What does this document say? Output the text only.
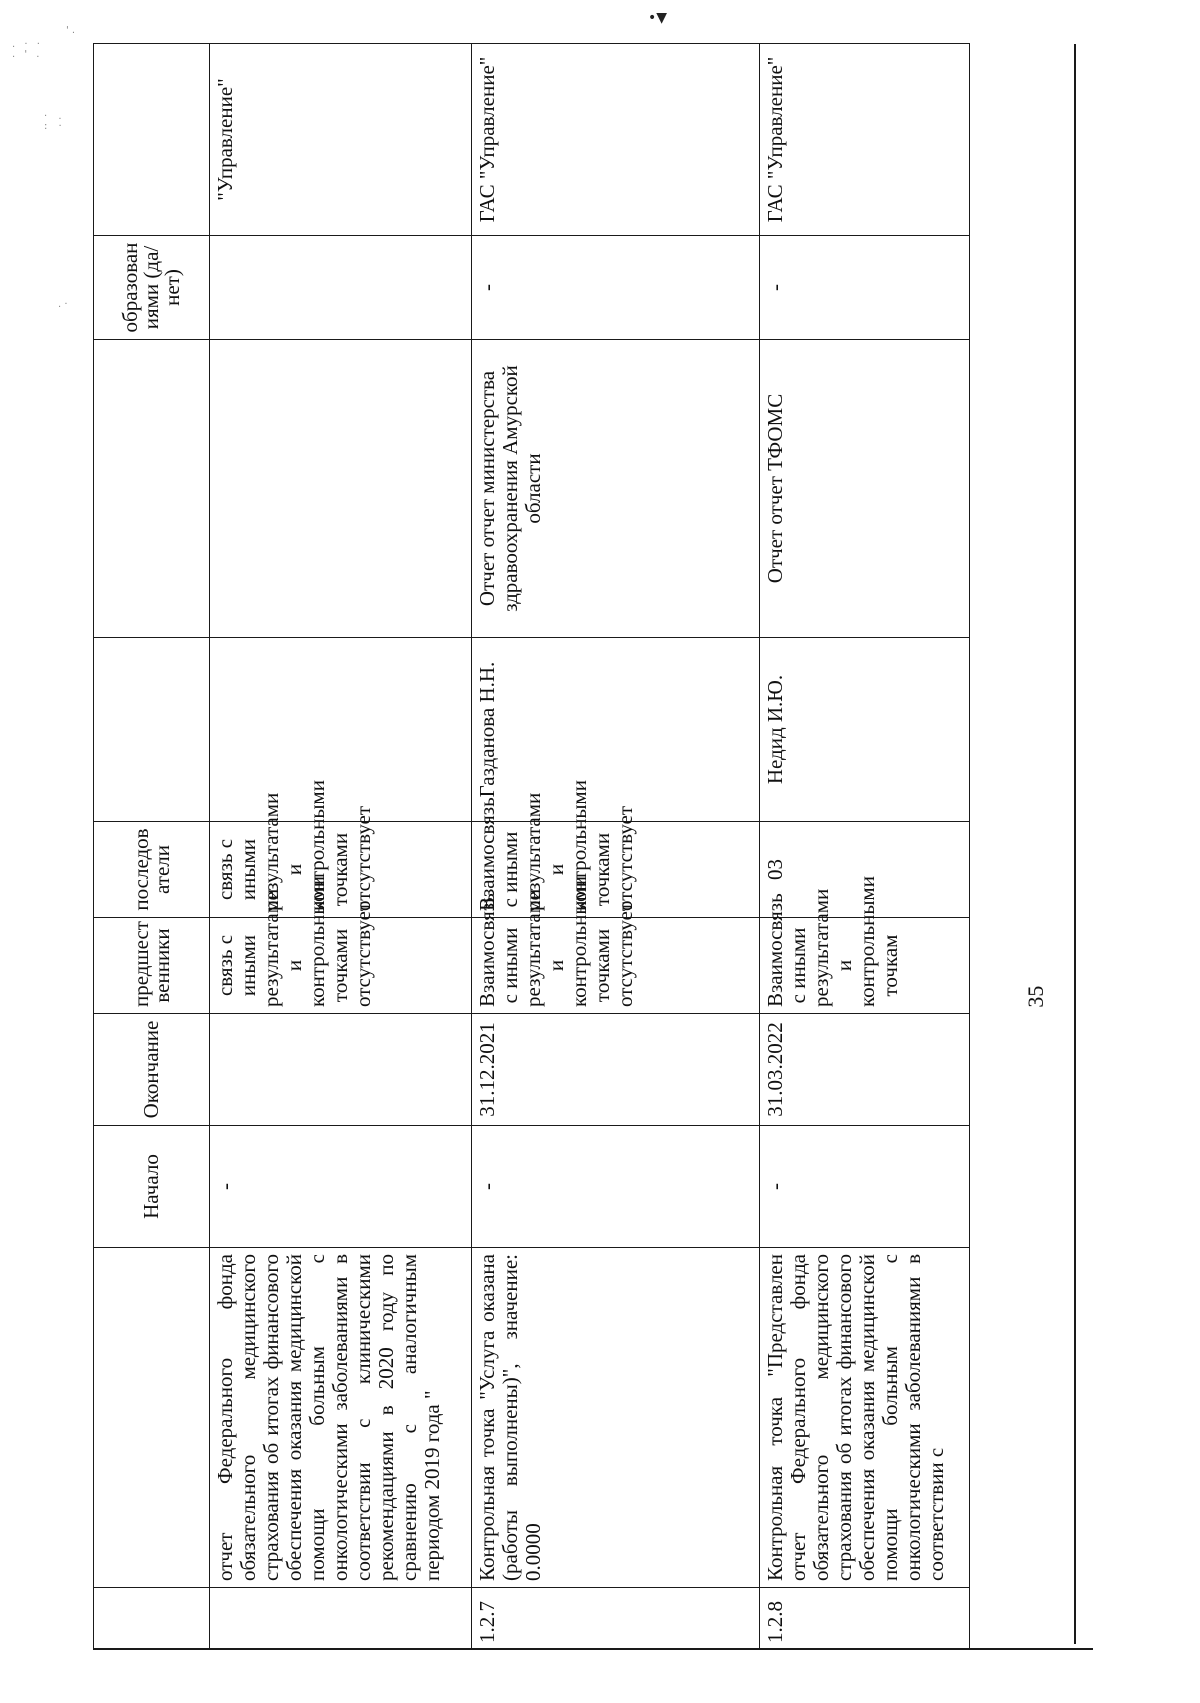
. · · . ' .
' .
· . : ·
. ·
•▼
		Начало	Окончание	предшест венники	последов атели			образован иями (да/нет)	
	отчет Федерального фонда обязательного медицинского страхования об итогах финансового обеспечения оказания медицинской помощи больным с онкологическими заболеваниями в соответствии с клиническими рекомендациями в 2020 году по сравнению с аналогичным периодом 2019 года "	-		связь с иными результатами и контрольными точками отсутствует	связь с иными результатами и контрольными точками отсутствует				"Управление"
1.2.7	Контрольная точка "Услуга оказана (работы выполнены)", значение: 0.0000	-	31.12.2021	Взаимосвязь с иными результатами и контрольными точками отсутствует	Взаимосвязь с иными результатами и контрольными точками отсутствует	Газданова Н.Н.	Отчет отчет министерства здравоохранения Амурской области	-	ГАС "Управление"
1.2.8	Контрольная точка "Представлен отчет Федерального фонда обязательного медицинского страхования об итогах финансового обеспечения оказания медицинской помощи больным с онкологическими заболеваниями в соответствии с	-	31.03.2022	Взаимосвязь с иными результатами и контрольными точкам	03	Недид И.Ю.	Отчет отчет ТФОМС	-	ГАС "Управление"
35
